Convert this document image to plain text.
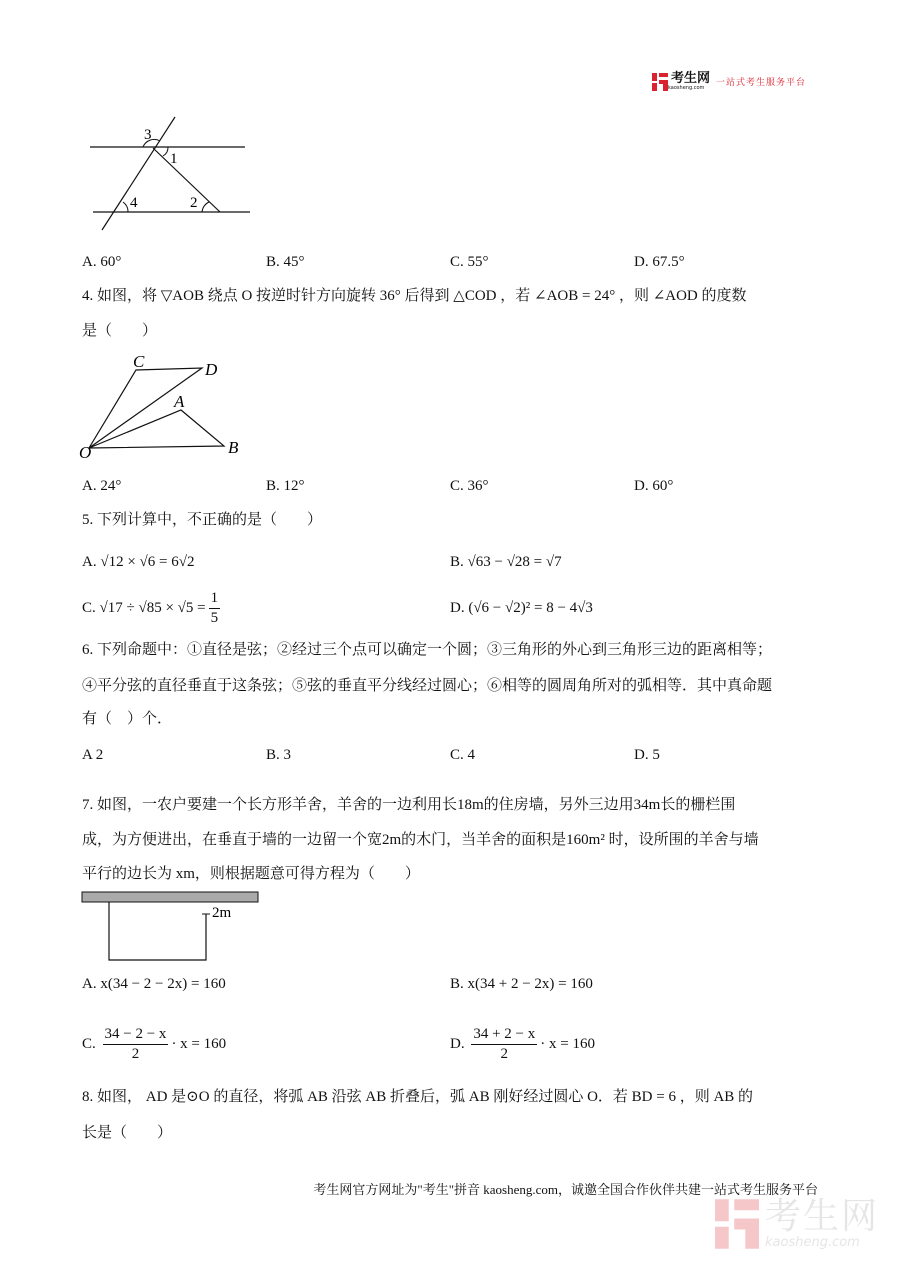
考生网
kaosheng.com	一站式考生服务平台
3
1
4	2
A. 60°	B. 45°	C. 55°	D. 67.5°
4. 如图，将 ▽AOB 绕点 O 按逆时针方向旋转 36° 后得到 △COD ，若 ∠AOB = 24° ，则 ∠AOD 的度数
是（　　）
C	D
A
O	B
A. 24°	B. 12°	C. 36°	D. 60°
5. 下列计算中，不正确的是（　　）
A. √12 × √6 = 6√2	B. √63 − √28 = √7
C. $√17 \div √85 \times √5 = \frac{1}{5}$	D. (√6 − √2)² = 8 − 4√3
6. 下列命题中：①直径是弦；②经过三个点可以确定一个圆；③三角形的外心到三角形三边的距离相等；
④平分弦的直径垂直于这条弦；⑤弦的垂直平分线经过圆心；⑥相等的圆周角所对的弧相等．其中真命题
有（　）个．
A 2	B. 3	C. 4	D. 5
7. 如图，一农户要建一个长方形羊舍，羊舍的一边利用长18m的住房墙，另外三边用34m长的栅栏围
成，为方便进出，在垂直于墙的一边留一个宽2m的木门，当羊舍的面积是160m² 时，设所围的羊舍与墙
平行的边长为 xm，则根据题意可得方程为（　　）
2m
A. x(34 − 2 − 2x) = 160	B. x(34 + 2 − 2x) = 160
C. $\frac{34 - 2 - x}{2} \cdot x = 160$	D. $\frac{34 + 2 - x}{2} \cdot x = 160$
8. 如图， AD 是⊙O 的直径，将弧 AB 沿弦 AB 折叠后，弧 AB 刚好经过圆心 O．若 BD = 6 ，则 AB 的
长是（　　）
考生网官方网址为"考生"拼音 kaosheng.com，诚邀全国合作伙伴共建一站式考生服务平台
考生网
kaosheng.com
